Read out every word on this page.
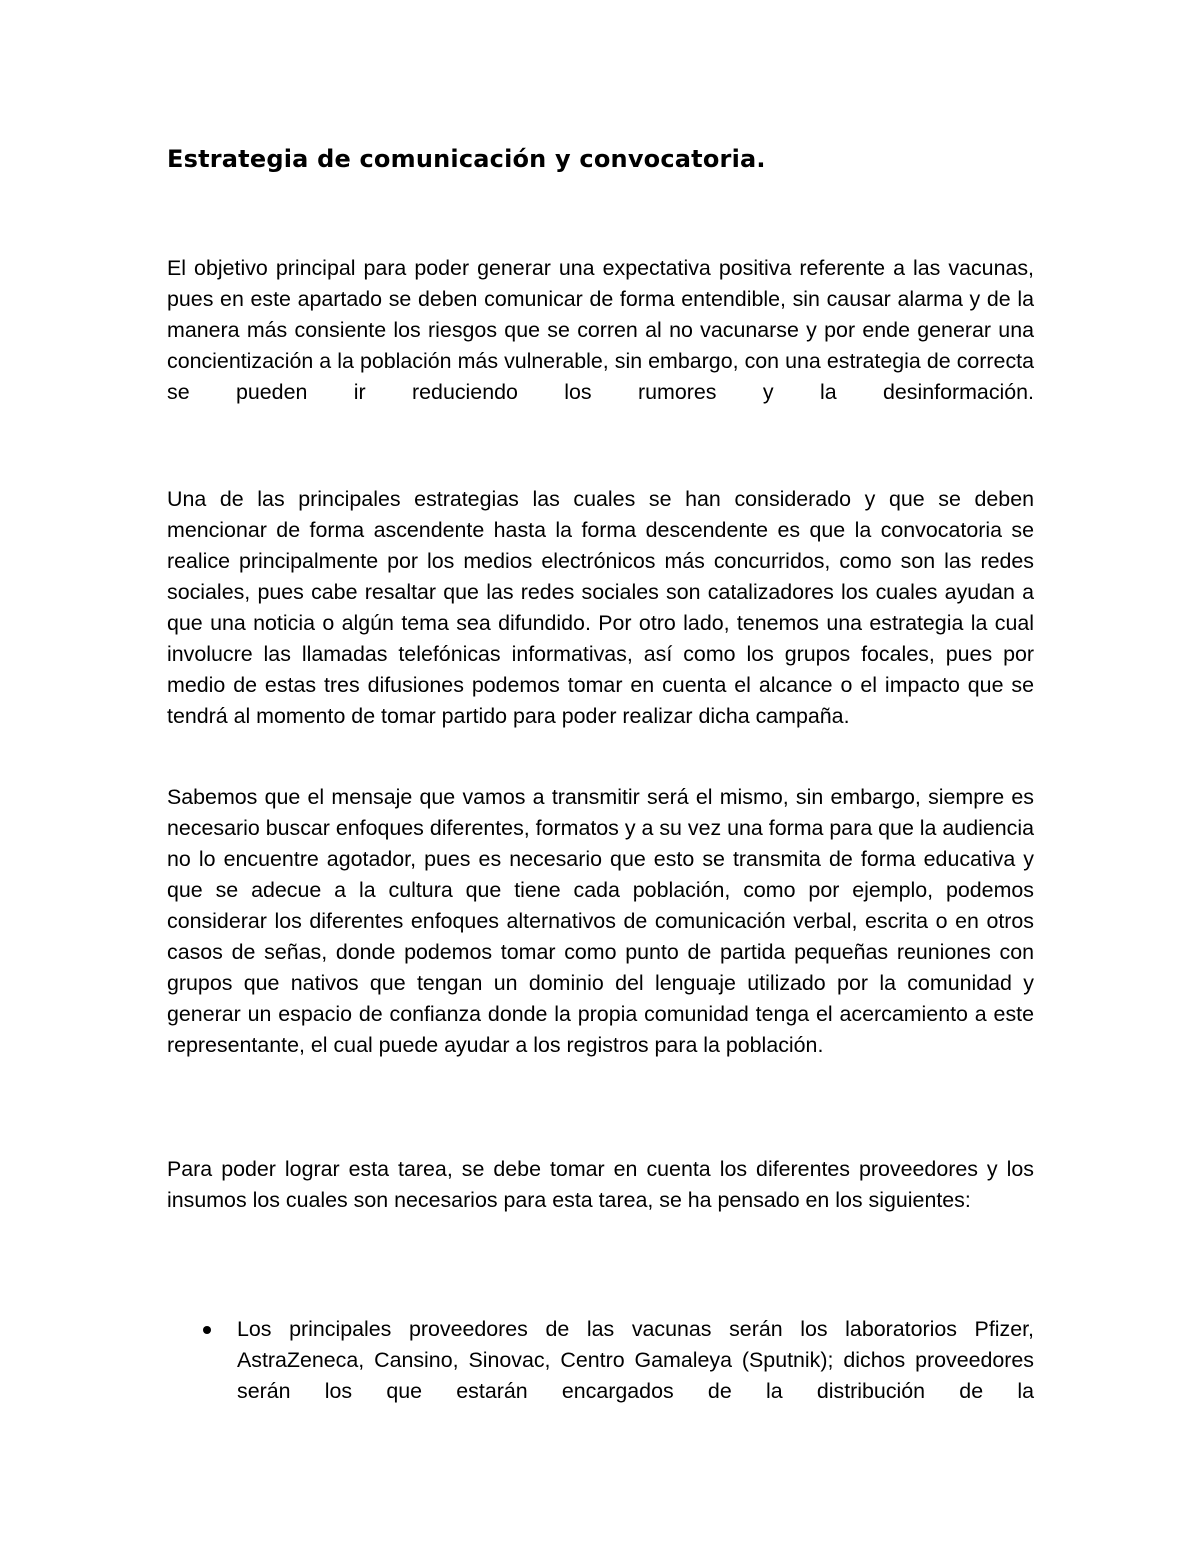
Estrategia de comunicación y convocatoria.

El objetivo principal para poder generar una expectativa positiva referente a las vacunas, pues en este apartado se deben comunicar de forma entendible, sin causar alarma y de la manera más consiente los riesgos que se corren al no vacunarse y por ende generar una concientización a la población más vulnerable, sin embargo, con una estrategia de correcta se pueden ir reduciendo los rumores y la desinformación.

Una de las principales estrategias las cuales se han considerado y que se deben mencionar de forma ascendente hasta la forma descendente es que la convocatoria se realice principalmente por los medios electrónicos más concurridos, como son las redes sociales, pues cabe resaltar que las redes sociales son catalizadores los cuales ayudan a que una noticia o algún tema sea difundido. Por otro lado, tenemos una estrategia la cual involucre las llamadas telefónicas informativas, así como los grupos focales, pues por medio de estas tres difusiones podemos tomar en cuenta el alcance o el impacto que se tendrá al momento de tomar partido para poder realizar dicha campaña.

Sabemos que el mensaje que vamos a transmitir será el mismo, sin embargo, siempre es necesario buscar enfoques diferentes, formatos y a su vez una forma para que la audiencia no lo encuentre agotador, pues es necesario que esto se transmita de forma educativa y que se adecue a la cultura que tiene cada población, como por ejemplo, podemos considerar los diferentes enfoques alternativos de comunicación verbal, escrita o en otros casos de señas, donde podemos tomar como punto de partida pequeñas reuniones con grupos que nativos que tengan un dominio del lenguaje utilizado por la comunidad y generar un espacio de confianza donde la propia comunidad tenga el acercamiento a este representante, el cual puede ayudar a los registros para la población.

Para poder lograr esta tarea, se debe tomar en cuenta los diferentes proveedores y los insumos los cuales son necesarios para esta tarea, se ha pensado en los siguientes:

Los principales proveedores de las vacunas serán los laboratorios Pfizer, AstraZeneca, Cansino, Sinovac, Centro Gamaleya (Sputnik); dichos proveedores serán los que estarán encargados de la distribución de la
